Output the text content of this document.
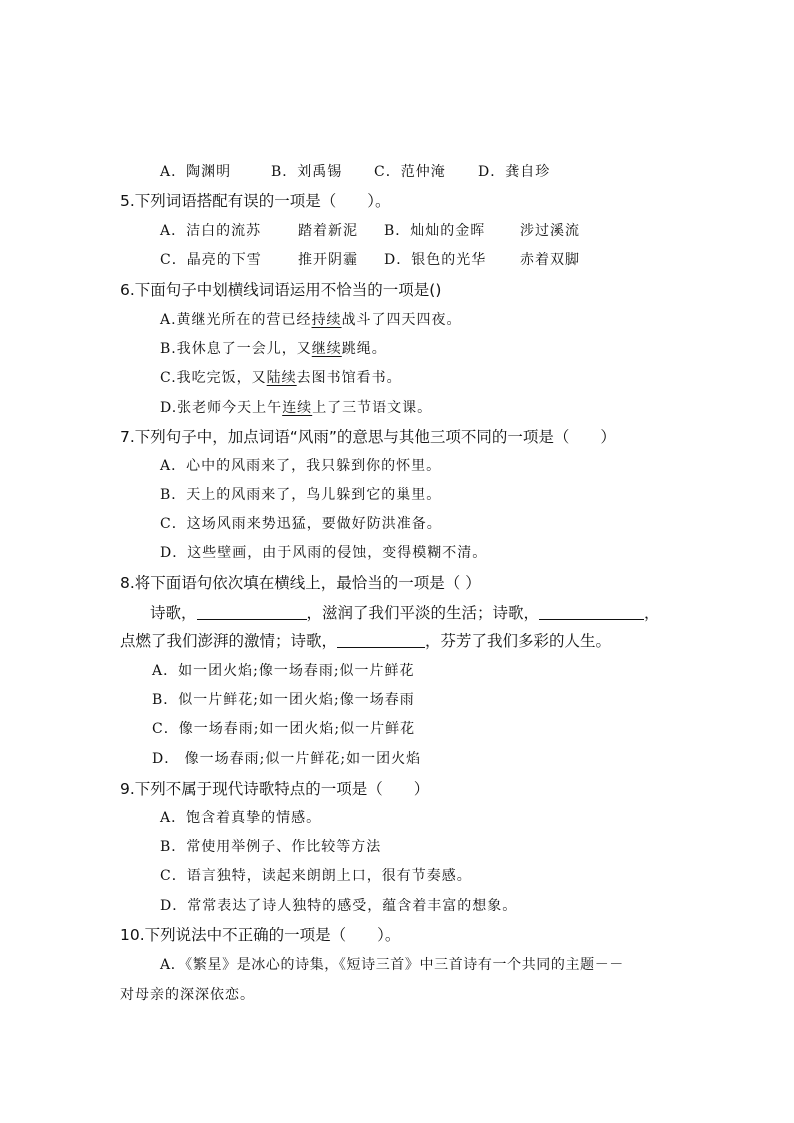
A．陶渊明	B．刘禹锡 C．范仲淹 D．龚自珍
5.下列词语搭配有误的一项是（　　）。
A．洁白的流苏	踏着新泥 B．灿灿的金晖 涉过溪流
C．晶亮的下雪	推开阴霾 D．银色的光华 赤着双脚
6.下面句子中划横线词语运用不恰当的一项是()
A.黄继光所在的营已经持续战斗了四天四夜。
B.我休息了一会儿，又继续跳绳。
C.我吃完饭，又陆续去图书馆看书。
D.张老师今天上午连续上了三节语文课。
7.下列句子中，加点词语“风雨”的意思与其他三项不同的一项是（　　）
A．心中的风雨来了，我只躲到你的怀里。
B．天上的风雨来了，鸟儿躲到它的巢里。
C．这场风雨来势迅猛，要做好防洪准备。
D．这些壁画，由于风雨的侵蚀，变得模糊不清。
8.将下面语句依次填在横线上，最恰当的一项是（ ）
诗歌，	，滋润了我们平淡的生活；诗歌，	，
点燃了我们澎湃的激情；诗歌，	，芬芳了我们多彩的人生。
A．如一团火焰;像一场春雨;似一片鲜花
B．似一片鲜花;如一团火焰;像一场春雨
C．像一场春雨;如一团火焰;似一片鲜花
D． 像一场春雨;似一片鲜花;如一团火焰
9.下列不属于现代诗歌特点的一项是（　　）
A．饱含着真挚的情感。
B．常使用举例子、作比较等方法
C．语言独特，读起来朗朗上口，很有节奏感。
D．常常表达了诗人独特的感受，蕴含着丰富的想象。
10.下列说法中不正确的一项是（　　）。
A．《繁星》是冰心的诗集，《短诗三首》中三首诗有一个共同的主题－－
对母亲的深深依恋。
